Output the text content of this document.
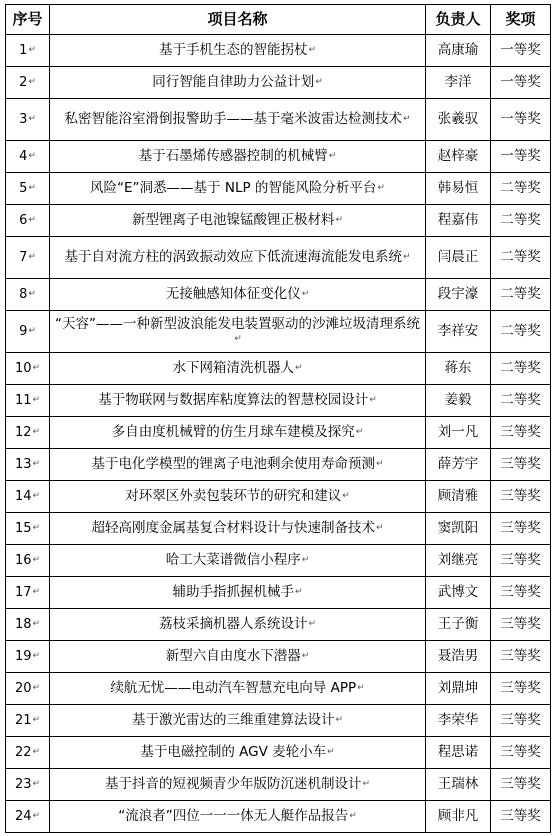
序号	项目名称	负责人	奖项
1↵	基于手机生态的智能拐杖↵	高康瑜	一等奖
2↵	同行智能自律助力公益计划↵	李洋	一等奖
3↵	私密智能浴室滑倒报警助手——基于毫米波雷达检测技术↵	张羲驭	一等奖
4↵	基于石墨烯传感器控制的机械臂↵	赵梓豪	一等奖
5↵	风险“E”洞悉——基于 NLP 的智能风险分析平台↵	韩易恒	二等奖
6↵	新型锂离子电池镍锰酸锂正极材料↵	程嘉伟	二等奖
7↵	基于自对流方柱的涡致振动效应下低流速海流能发电系统↵	闫晨正	二等奖
8↵	无接触感知体征变化仪↵	段宇濠	二等奖
9↵	“天容”——一种新型波浪能发电装置驱动的沙滩垃圾清理系统↵	李祥安	二等奖
10↵	水下网箱清洗机器人↵	蒋东	二等奖
11↵	基于物联网与数据库粘度算法的智慧校园设计↵	姜毅	二等奖
12↵	多自由度机械臂的仿生月球车建模及探究↵	刘一凡	三等奖
13↵	基于电化学模型的锂离子电池剩余使用寿命预测↵	薛芳宇	三等奖
14↵	对环翠区外卖包装环节的研究和建议↵	顾清雅	三等奖
15↵	超轻高刚度金属基复合材料设计与快速制备技术↵	窦凯阳	三等奖
16↵	哈工大菜谱微信小程序↵	刘继亮	三等奖
17↵	辅助手指抓握机械手↵	武博文	三等奖
18↵	荔枝采摘机器人系统设计↵	王子衡	三等奖
19↵	新型六自由度水下潜器↵	聂浩男	三等奖
20↵	续航无忧——电动汽车智慧充电向导 APP↵	刘鼎坤	三等奖
21↵	基于激光雷达的三维重建算法设计↵	李荣华	三等奖
22↵	基于电磁控制的 AGV 麦轮小车↵	程思诺	三等奖
23↵	基于抖音的短视频青少年版防沉迷机制设计↵	王瑞林	三等奖
24↵	“流浪者”四位一一一体无人艇作品报告↵	顾非凡	三等奖
